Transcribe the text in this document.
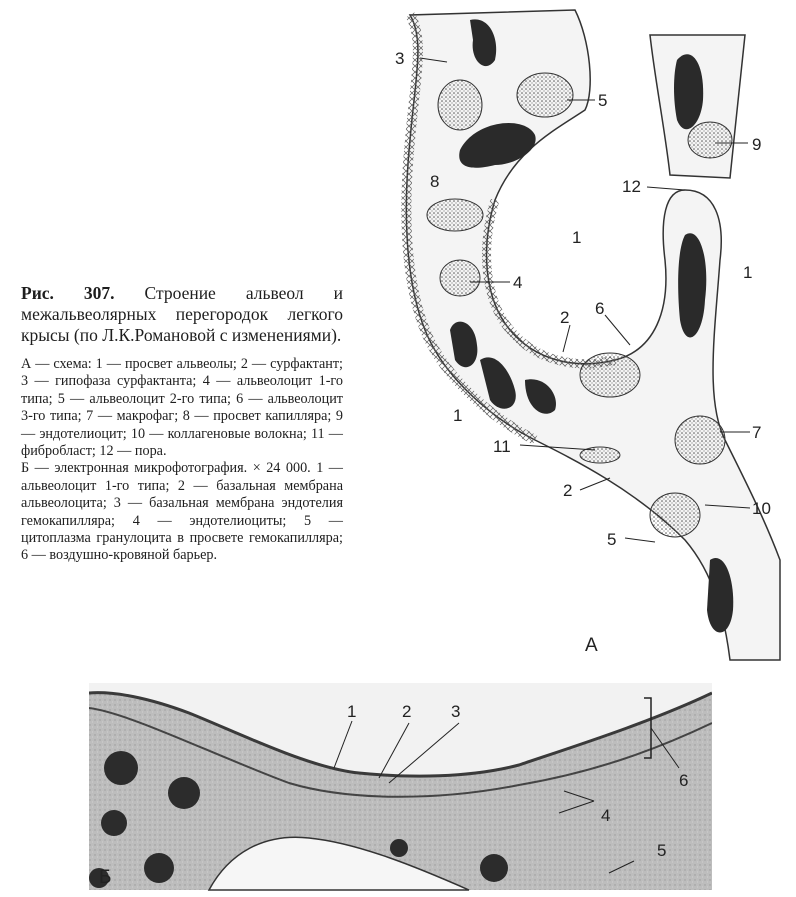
Рис. 307. Строение альвеол и межальвеолярных перегородок легкого крысы (по Л.К.Романовой с изменениями).

А — схема: 1 — просвет альвеолы; 2 — сурфактант; 3 — гипофаза сурфактанта; 4 — альвеолоцит 1-го типа; 5 — альвеолоцит 2-го типа; 6 — альвеолоцит 3-го типа; 7 — макрофаг; 8 — просвет капилляра; 9 — эндотелиоцит; 10 — коллагеновые волокна; 11 — фибробласт; 12 — пора.

Б — электронная микрофотография. × 24 000. 1 — альвеолоцит 1-го типа; 2 — базальная мембрана альвеолоцита; 3 — базальная мембрана эндотелия гемокапилляра; 4 — эндотелиоциты; 5 — цитоплазма гранулоцита в просвете гемокапилляра; 6 — воздушно-кровяной барьер.

3
5
9
8	12
1
1
4
2 6
1
7
11
2
10
5
А
1	2 3
4
5
6
Б
